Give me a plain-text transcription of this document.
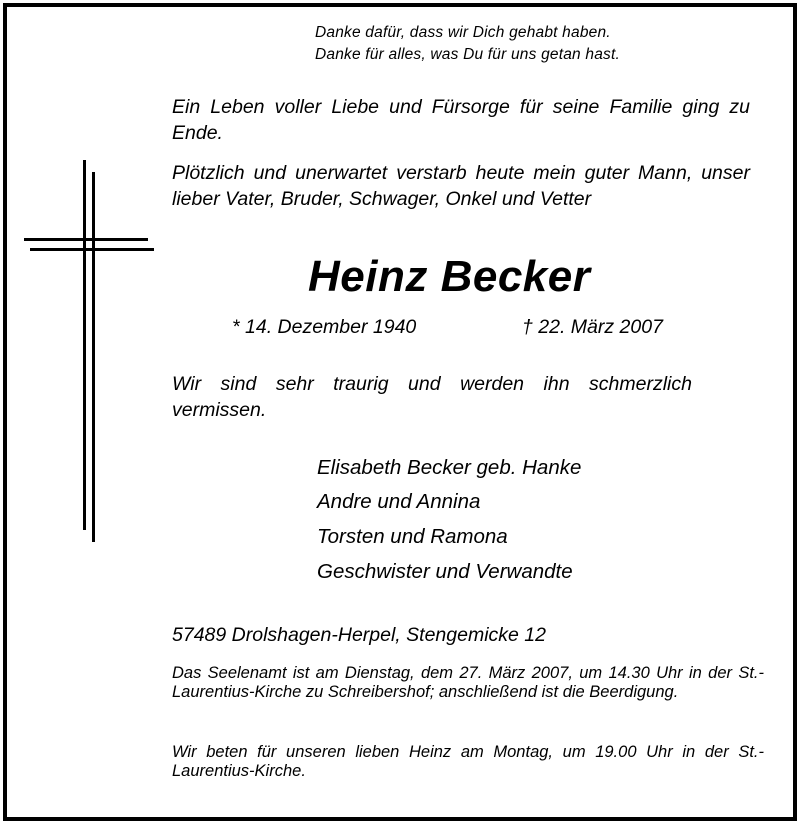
Danke dafür, dass wir Dich gehabt haben.

Danke für alles, was Du für uns getan hast.

Ein Leben voller Liebe und Fürsorge für seine Familie ging zu Ende.

Plötzlich und unerwartet verstarb heute mein guter Mann, unser lieber Vater, Bruder, Schwager, Onkel und Vetter

Heinz Becker

* 14. Dezember 1940	† 22. März 2007

Wir sind sehr traurig und werden ihn schmerzlich vermissen.

Elisabeth Becker geb. Hanke

Andre und Annina

Torsten und Ramona

Geschwister und Verwandte

57489 Drolshagen-Herpel, Stengemicke 12

Das Seelenamt ist am Dienstag, dem 27. März 2007, um 14.30 Uhr in der St.-Laurentius-Kirche zu Schreibershof; anschließend ist die Beerdigung.

Wir beten für unseren lieben Heinz am Montag, um 19.00 Uhr in der St.-Laurentius-Kirche.
